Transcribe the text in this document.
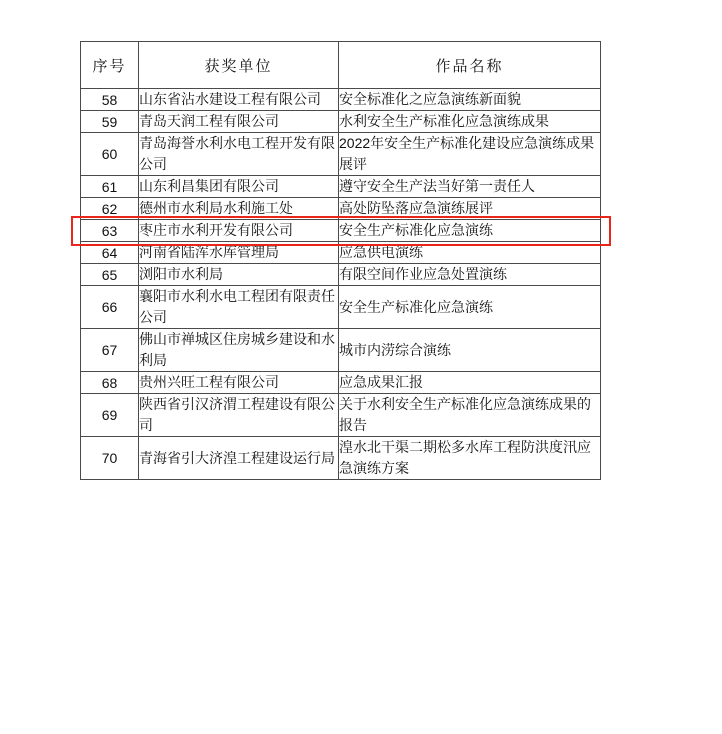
序号	获奖单位	作品名称
58	山东省沾水建设工程有限公司	安全标准化之应急演练新面貌
59	青岛天润工程有限公司	水利安全生产标准化应急演练成果
60	青岛海誉水利水电工程开发有限公司	2022年安全生产标准化建设应急演练成果展评
61	山东利昌集团有限公司	遵守安全生产法当好第一责任人
62	德州市水利局水利施工处	高处防坠落应急演练展评
63	枣庄市水利开发有限公司	安全生产标准化应急演练
64	河南省陆浑水库管理局	应急供电演练
65	浏阳市水利局	有限空间作业应急处置演练
66	襄阳市水利水电工程团有限责任公司	安全生产标准化应急演练
67	佛山市禅城区住房城乡建设和水利局	城市内涝综合演练
68	贵州兴旺工程有限公司	应急成果汇报
69	陕西省引汉济渭工程建设有限公司	关于水利安全生产标准化应急演练成果的报告
70	青海省引大济湟工程建设运行局	湟水北干渠二期松多水库工程防洪度汛应急演练方案
